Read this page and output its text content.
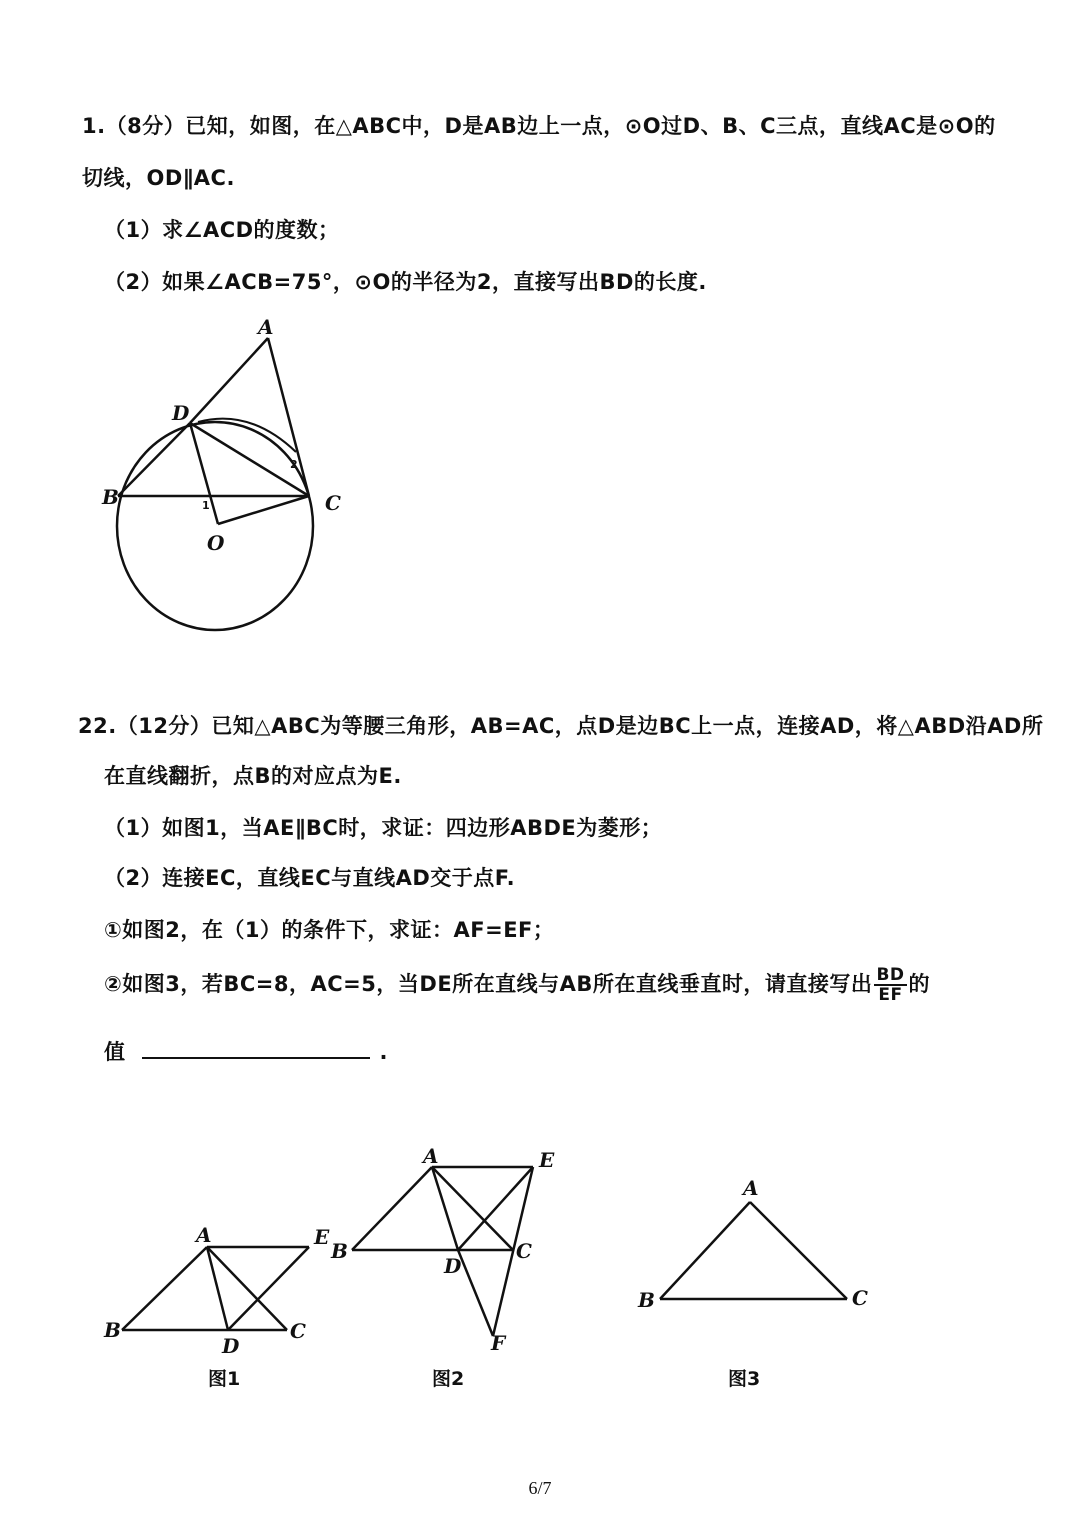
1.（8分）已知，如图，在△ABC中，D是AB边上一点，⊙O过D、B、C三点，直线AC是⊙O的
切线，OD∥AC.
（1）求∠ACD的度数；
（2）如果∠ACB=75°，⊙O的半径为2，直接写出BD的长度.
22.（12分）已知△ABC为等腰三角形，AB=AC，点D是边BC上一点，连接AD，将△ABD沿AD所
在直线翻折，点B的对应点为E.
（1）如图1，当AE∥BC时，求证：四边形ABDE为菱形；
（2）连接EC，直线EC与直线AD交于点F.
①如图2，在（1）的条件下，求证：AF=EF；
②如图3，若BC=8，AC=5，当DE所在直线与AB所在直线垂直时，请直接写出 $\frac{BD}{EF}$ 的
值	.
A
D
B	C
O
1
2
A	E
B	C
D
图1
A	E
B	C
D
F
图2
A
B	C
图3
6/7
